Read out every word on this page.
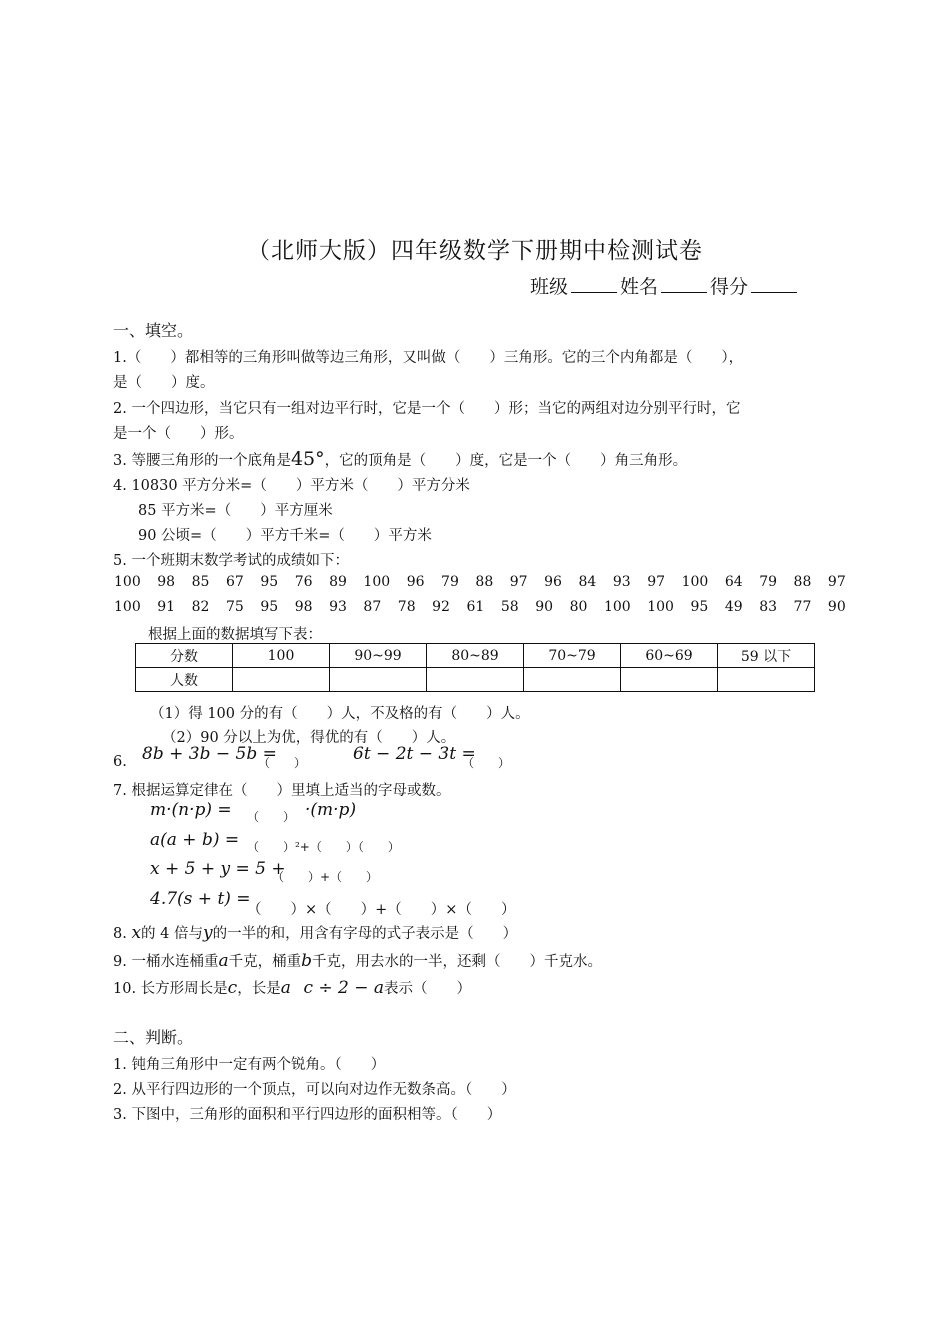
（北师大版）四年级数学下册期中检测试卷
班级	姓名	得分
一、填空。
1.（　　）都相等的三角形叫做等边三角形，又叫做（　　）三角形。它的三个内角都是（　　），
是（　　）度。
2. 一个四边形，当它只有一组对边平行时，它是一个（　　）形；当它的两组对边分别平行时，它
是一个（　　）形。
3. 等腰三角形的一个底角是45°，它的顶角是（　　）度，它是一个（　　）角三角形。
4. 10830 平方分米=（　　）平方米（　　）平方分米
85 平方米=（　　）平方厘米
90 公顷=（　　）平方千米=（　　）平方米
5. 一个班期末数学考试的成绩如下：
100 98 85 67 95 76 89 100 96 79 88 97 96 84 93 97 100 64 79 88 97
100 91 82 75 95 98 93 87 78 92 61 58 90 80 100 100 95 49 83 77 90
根据上面的数据填写下表：
分数	100	90~99	80~89	70~79	60~69	59 以下
人数						
（1）得 100 分的有（　　）人，不及格的有（　　）人。
（2）90 分以上为优，得优的有（　　）人。
6. 8b + 3b − 5b =
（　　）	6t − 2t − 3t =
（　　）
7. 根据运算定律在（　　）里填上适当的字母或数。
m·(n·p) = （　　） ·(m·p)
a(a + b) = （　　）²+（　　）（　　）
x + 5 + y = 5 +
（　　）+（　　）
4.7(s + t) =
（　　）×（　　）+（　　）×（　　）
8. x的 4 倍与y的一半的和，用含有字母的式子表示是（　　）
9. 一桶水连桶重a千克，桶重b千克，用去水的一半，还剩（　　）千克水。
10. 长方形周长是c，长是a c ÷ 2 − a表示（　　）
二、判断。
1. 钝角三角形中一定有两个锐角。（　　）
2. 从平行四边形的一个顶点，可以向对边作无数条高。（　　）
3. 下图中，三角形的面积和平行四边形的面积相等。（　　）
